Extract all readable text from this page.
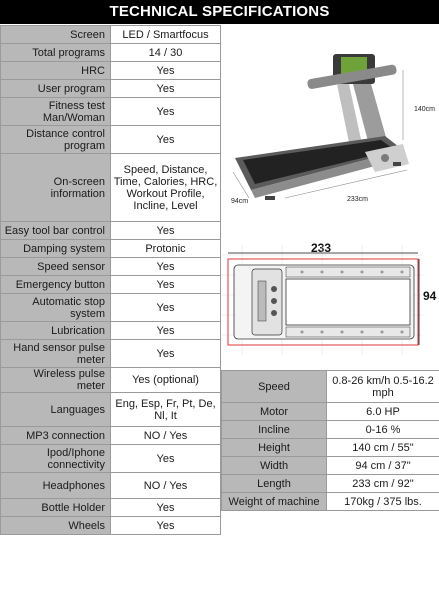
TECHNICAL SPECIFICATIONS
Screen	LED / Smartfocus
Total programs	14 / 30
HRC	Yes
User program	Yes
Fitness test Man/Woman	Yes
Distance control program	Yes
On-screen information	Speed, Distance, Time, Calories, HRC, Workout Profile, Incline, Level
Easy tool bar control	Yes
Damping system	Protonic
Speed sensor	Yes
Emergency button	Yes
Automatic stop system	Yes
Lubrication	Yes
Hand sensor pulse meter	Yes
Wireless pulse meter	Yes (optional)
Languages	Eng, Esp, Fr, Pt, De, Nl, It
MP3 connection	NO / Yes
Ipod/Iphone connectivity	Yes
Headphones	NO / Yes
Bottle Holder	Yes
Wheels	Yes
Speed	0.8-26 km/h 0.5-16.2 mph
Motor	6.0 HP
Incline	0-16 %
Height	140 cm / 55"
Width	94 cm / 37"
Length	233 cm / 92"
Weight of machine	170kg / 375 lbs.
140cm
94cm	233cm
233
94
